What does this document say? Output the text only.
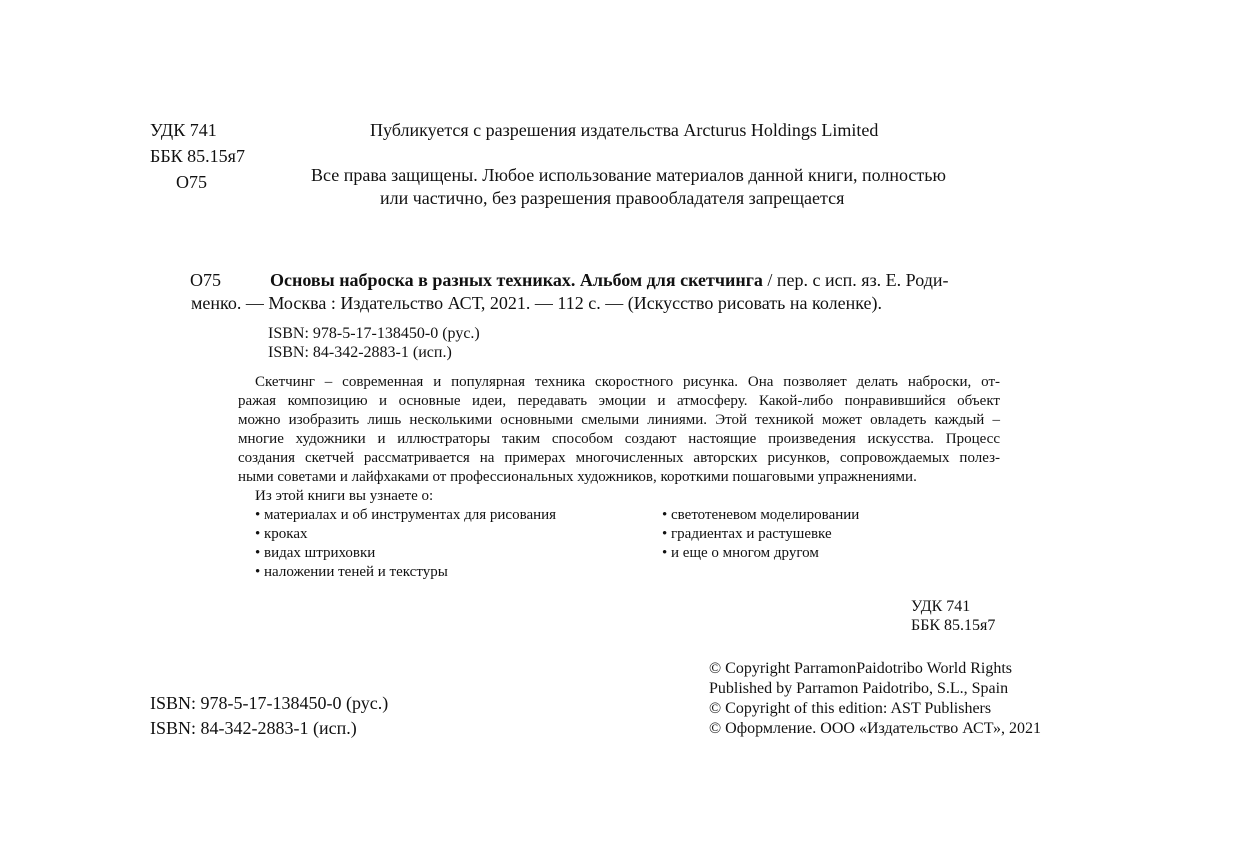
УДК 741
ББК 85.15я7
О75
Публикуется с разрешения издательства Arcturus Holdings Limited
Все права защищены. Любое использование материалов данной книги, полностью
или частично, без разрешения правообладателя запрещается
О75	Основы наброска в разных техниках. Альбом для скетчинга / пер. с исп. яз. Е. Роди-
менко. — Москва : Издательство АСТ, 2021. — 112 с. — (Искусство рисовать на коленке).
ISBN: 978-5-17-138450-0 (рус.)
ISBN: 84-342-2883-1 (исп.)
Скетчинг – современная и популярная техника скоростного рисунка. Она позволяет делать наброски, от-
ражая композицию и основные идеи, передавать эмоции и атмосферу. Какой-либо понравившийся объект
можно изобразить лишь несколькими основными смелыми линиями. Этой техникой может овладеть каждый –
многие художники и иллюстраторы таким способом создают настоящие произведения искусства. Процесс
создания скетчей рассматривается на примерах многочисленных авторских рисунков, сопровождаемых полез-
ными советами и лайфхаками от профессиональных художников, короткими пошаговыми упражнениями.
Из этой книги вы узнаете о:
• материалах и об инструментах для рисования
• кроках
• видах штриховки
• наложении теней и текстуры
• светотеневом моделировании
• градиентах и растушевке
• и еще о многом другом
УДК 741
ББК 85.15я7
© Copyright ParramonPaidotribo World Rights
Published by Parramon Paidotribo, S.L., Spain
© Copyright of this edition: AST Publishers
© Оформление. ООО «Издательство АСТ», 2021
ISBN: 978-5-17-138450-0 (рус.)
ISBN: 84-342-2883-1 (исп.)
